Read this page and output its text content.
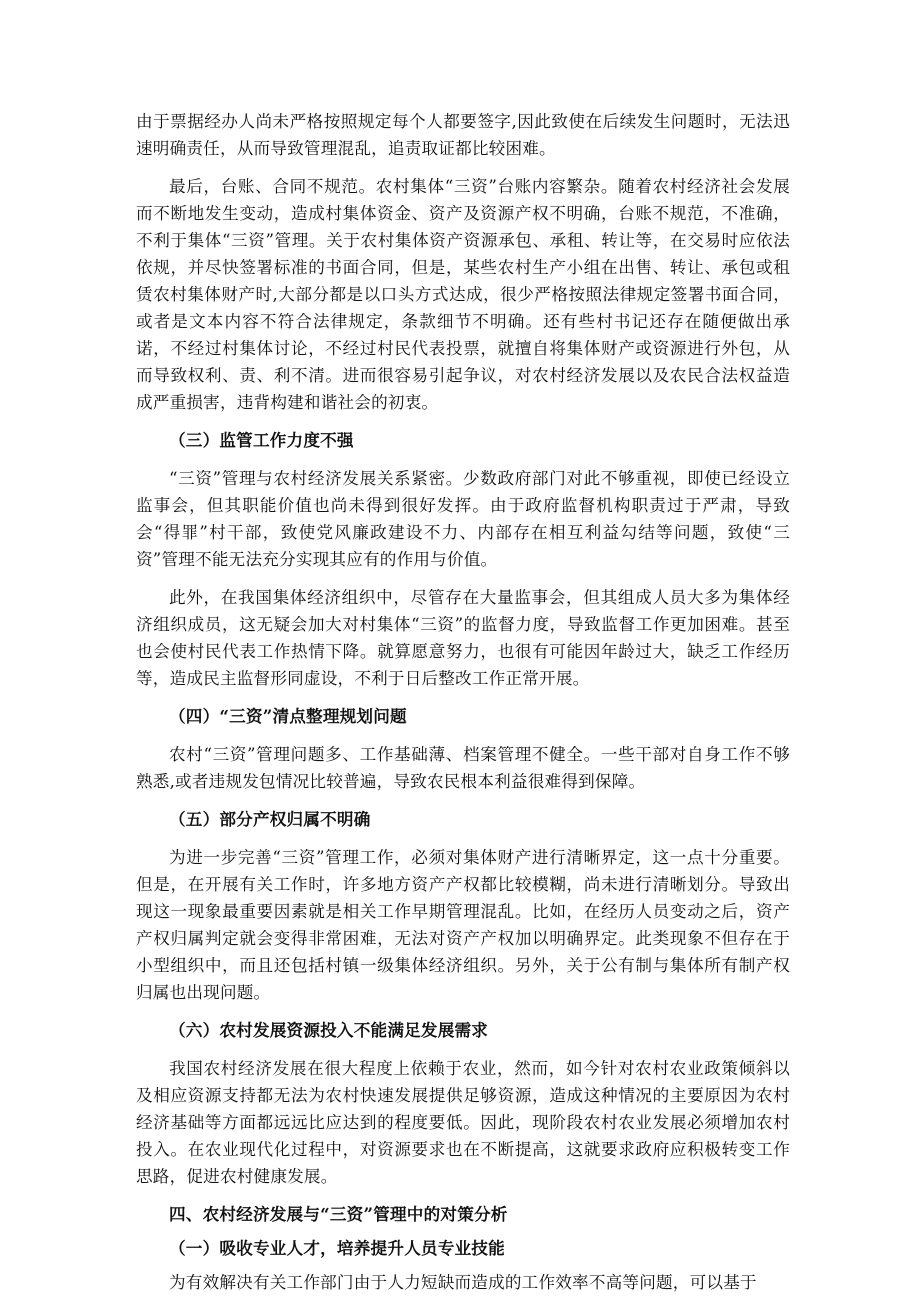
由于票据经办人尚未严格按照规定每个人都要签字,因此致使在后续发生问题时，无法迅速明确责任，从而导致管理混乱，追责取证都比较困难。

最后，台账、合同不规范。农村集体“三资”台账内容繁杂。随着农村经济社会发展而不断地发生变动，造成村集体资金、资产及资源产权不明确，台账不规范，不准确，不利于集体“三资”管理。关于农村集体资产资源承包、承租、转让等，在交易时应依法依规，并尽快签署标准的书面合同，但是，某些农村生产小组在出售、转让、承包或租赁农村集体财产时,大部分都是以口头方式达成，很少严格按照法律规定签署书面合同，或者是文本内容不符合法律规定，条款细节不明确。还有些村书记还存在随便做出承诺，不经过村集体讨论，不经过村民代表投票，就擅自将集体财产或资源进行外包，从而导致权利、责、利不清。进而很容易引起争议，对农村经济发展以及农民合法权益造成严重损害，违背构建和谐社会的初衷。

（三）监管工作力度不强

“三资”管理与农村经济发展关系紧密。少数政府部门对此不够重视，即使已经设立监事会，但其职能价值也尚未得到很好发挥。由于政府监督机构职责过于严肃，导致会“得罪”村干部，致使党风廉政建设不力、内部存在相互利益勾结等问题，致使“三资”管理不能无法充分实现其应有的作用与价值。

此外，在我国集体经济组织中，尽管存在大量监事会，但其组成人员大多为集体经济组织成员，这无疑会加大对村集体“三资”的监督力度，导致监督工作更加困难。甚至也会使村民代表工作热情下降。就算愿意努力，也很有可能因年龄过大，缺乏工作经历等，造成民主监督形同虚设，不利于日后整改工作正常开展。

（四）“三资”清点整理规划问题

农村“三资”管理问题多、工作基础薄、档案管理不健全。一些干部对自身工作不够熟悉,或者违规发包情况比较普遍，导致农民根本利益很难得到保障。

（五）部分产权归属不明确

为进一步完善“三资”管理工作，必须对集体财产进行清晰界定，这一点十分重要。但是，在开展有关工作时，许多地方资产产权都比较模糊，尚未进行清晰划分。导致出现这一现象最重要因素就是相关工作早期管理混乱。比如，在经历人员变动之后，资产产权归属判定就会变得非常困难，无法对资产产权加以明确界定。此类现象不但存在于小型组织中，而且还包括村镇一级集体经济组织。另外，关于公有制与集体所有制产权归属也出现问题。

（六）农村发展资源投入不能满足发展需求

我国农村经济发展在很大程度上依赖于农业，然而，如今针对农村农业政策倾斜以及相应资源支持都无法为农村快速发展提供足够资源，造成这种情况的主要原因为农村经济基础等方面都远远比应达到的程度要低。因此，现阶段农村农业发展必须增加农村投入。在农业现代化过程中，对资源要求也在不断提高，这就要求政府应积极转变工作思路，促进农村健康发展。

四、农村经济发展与“三资”管理中的对策分析

（一）吸收专业人才，培养提升人员专业技能

为有效解决有关工作部门由于人力短缺而造成的工作效率不高等问题，可以基于
